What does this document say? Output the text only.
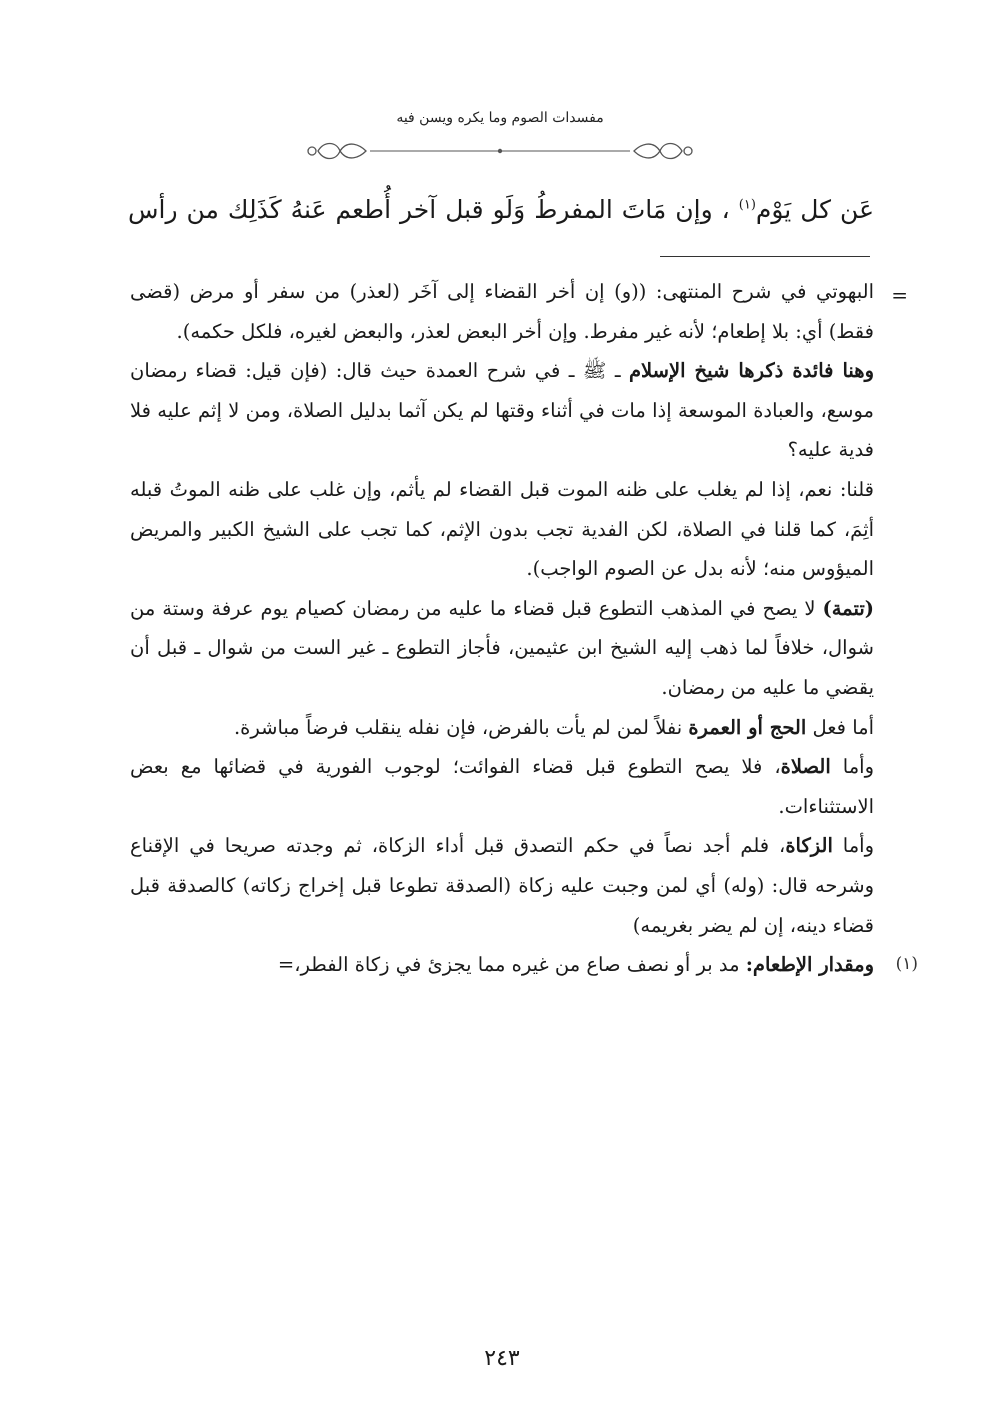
مفسدات الصوم وما يكره ويسن فيه
عَن كل يَوْم$^{(١)}$ ، وإن مَاتَ المفرطُ وَلَو قبل آخر أُطعم عَنهُ كَذَلِك من رأس

=
البهوتي في شرح المنتهى: ((و) إن أخر القضاء إلى آخَر (لعذر) من سفر أو مرض (قضى فقط) أي: بلا إطعام؛ لأنه غير مفرط. وإن أخر البعض لعذر، والبعض لغيره، فلكل حكمه).

وهنا فائدة ذكرها شيخ الإسلام ـ ﷺ ـ في شرح العمدة حيث قال: (فإن قيل: قضاء رمضان موسع، والعبادة الموسعة إذا مات في أثناء وقتها لم يكن آثما بدليل الصلاة، ومن لا إثم عليه فلا فدية عليه؟

قلنا: نعم، إذا لم يغلب على ظنه الموت قبل القضاء لم يأثم، وإن غلب على ظنه الموتُ قبله أثِمَ، كما قلنا في الصلاة، لكن الفدية تجب بدون الإثم، كما تجب على الشيخ الكبير والمريض الميؤوس منه؛ لأنه بدل عن الصوم الواجب).

(تتمة) لا يصح في المذهب التطوع قبل قضاء ما عليه من رمضان كصيام يوم عرفة وستة من شوال، خلافاً لما ذهب إليه الشيخ ابن عثيمين، فأجاز التطوع ـ غير الست من شوال ـ قبل أن يقضي ما عليه من رمضان.

أما فعل الحج أو العمرة نفلاً لمن لم يأت بالفرض، فإن نفله ينقلب فرضاً مباشرة.

وأما الصلاة، فلا يصح التطوع قبل قضاء الفوائت؛ لوجوب الفورية في قضائها مع بعض الاستثناءات.

وأما الزكاة، فلم أجد نصاً في حكم التصدق قبل أداء الزكاة، ثم وجدته صريحا في الإقناع وشرحه قال: (وله) أي لمن وجبت عليه زكاة (الصدقة تطوعا قبل إخراج زكاته) كالصدقة قبل قضاء دينه، إن لم يضر بغريمه)

(١)
ومقدار الإطعام: مد بر أو نصف صاع من غيره مما يجزئ في زكاة الفطر،=

٢٤٣
